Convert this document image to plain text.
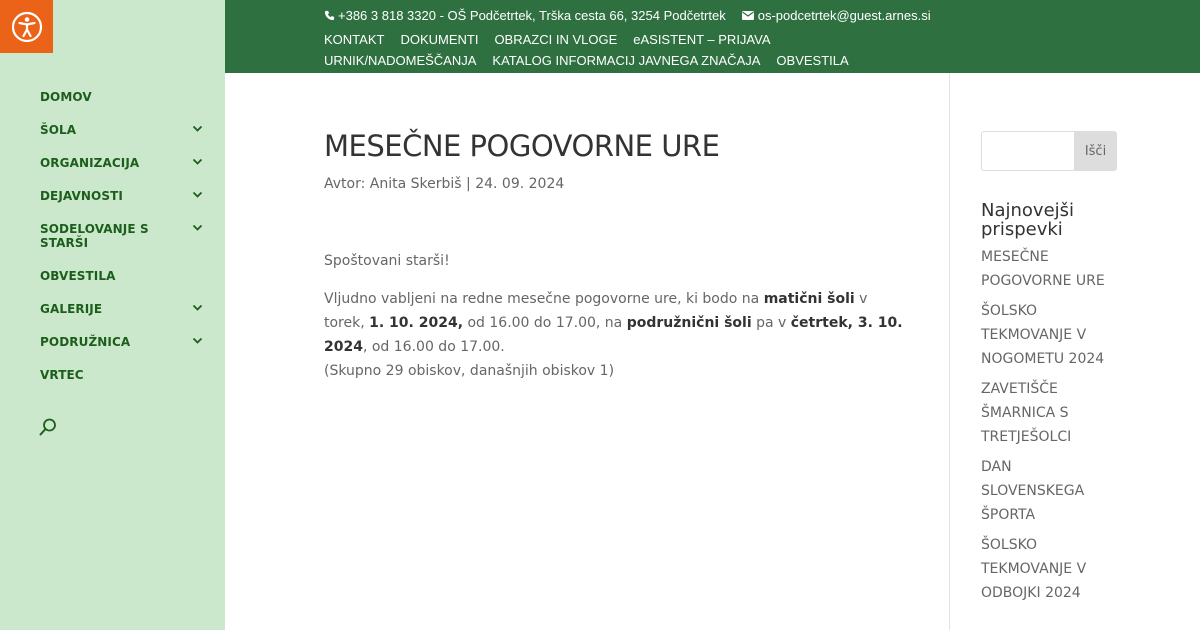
DOMOV
ŠOLA
ORGANIZACIJA
DEJAVNOSTI
SODELOVANJE S STARŠI
OBVESTILA
GALERIJE
PODRUŽNICA
VRTEC
+386 3 818 3320 - OŠ Podčetrtek, Trška cesta 66, 3254 Podčetrtek os-podcetrtek@guest.arnes.si
KONTAKT DOKUMENTI OBRAZCI IN VLOGE eASISTENT – PRIJAVAURNIK/NADOMEŠČANJA KATALOG INFORMACIJ JAVNEGA ZNAČAJA OBVESTILA
MESEČNE POGOVORNE URE
Avtor: Anita Skerbiš | 24. 09. 2024

Spoštovani starši!

Vljudno vabljeni na redne mesečne pogovorne ure, ki bodo na matični šoli v torek, 1. 10. 2024, od 16.00 do 17.00, na podružnični šoli pa v četrtek, 3. 10. 2024, od 16.00 do 17.00.
(Skupno 29 obiskov, današnjih obiskov 1)

Išči
Najnovejši prispevki
MESEČNE POGOVORNE URE
ŠOLSKO TEKMOVANJE V NOGOMETU 2024
ZAVETIŠČE ŠMARNICA S TRETJEŠOLCI
DAN SLOVENSKEGA ŠPORTA
ŠOLSKO TEKMOVANJE V ODBOJKI 2024
